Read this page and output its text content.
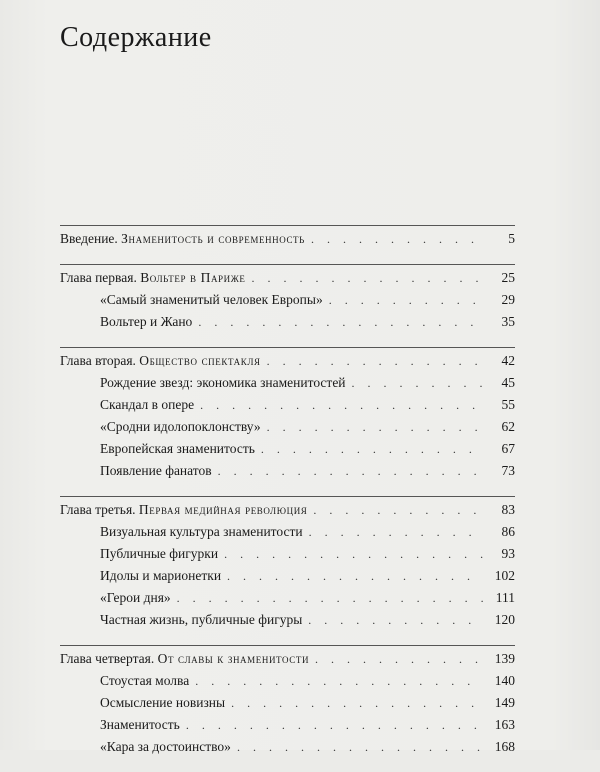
Содержание
Введение. Знаменитость и современность . . .	5
Глава первая. Вольтер в Париже . . .	25
«Самый знаменитый человек Европы» . . .	29
Вольтер и Жано . . .	35
Глава вторая. Общество спектакля . . .	42
Рождение звезд: экономика знаменитостей . . .	45
Скандал в опере . . .	55
«Сродни идолопоклонству» . . .	62
Европейская знаменитость . . .	67
Появление фанатов . . .	73
Глава третья. Первая медийная революция . . .	83
Визуальная культура знаменитости . . .	86
Публичные фигурки . . .	93
Идолы и марионетки . . .	102
«Герои дня» . . .	111
Частная жизнь, публичные фигуры . . .	120
Глава четвертая. От славы к знаменитости . . .	139
Стоустая молва . . .	140
Осмысление новизны . . .	149
Знаменитость . . .	163
«Кара за достоинство» . . .	168
